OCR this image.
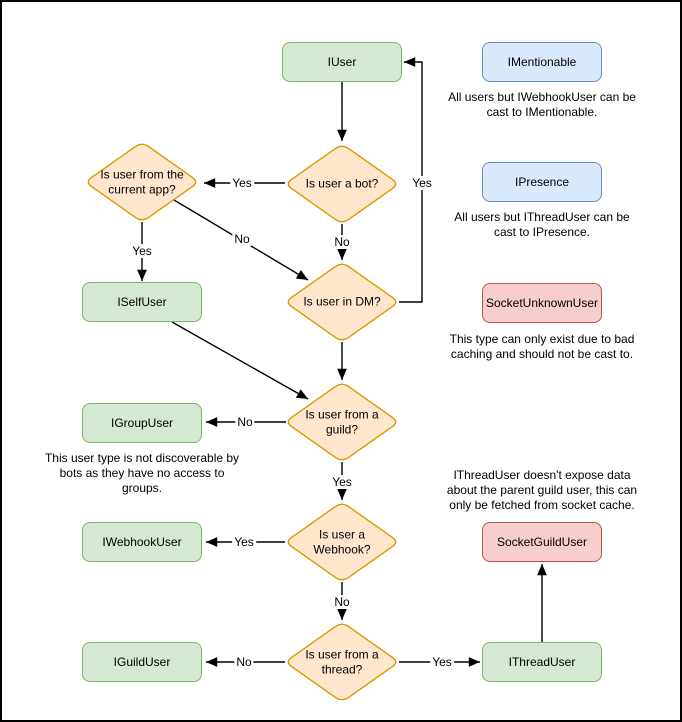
IUser	IMentionable
IPresence
ISelfUser	SocketUnknownUser
IGroupUser
IWebhookUser	SocketGuildUser
IGuildUser	IThreadUser
Is user a bot?
Is user from the current app?
Is user in DM?
Is user from a guild?
Is user a Webhook?
Is user from a thread?
All users but IWebhookUser can be cast to IMentionable.
All users but IThreadUser can be cast to IPresence.
This type can only exist due to bad caching and should not be cast to.
This user type is not discoverable by bots as they have no access to groups.
IThreadUser doesn't expose data about the parent guild user, this can only be fetched from socket cache.
Yes
No
Yes
No
Yes
No
Yes
Yes
No
No	Yes
